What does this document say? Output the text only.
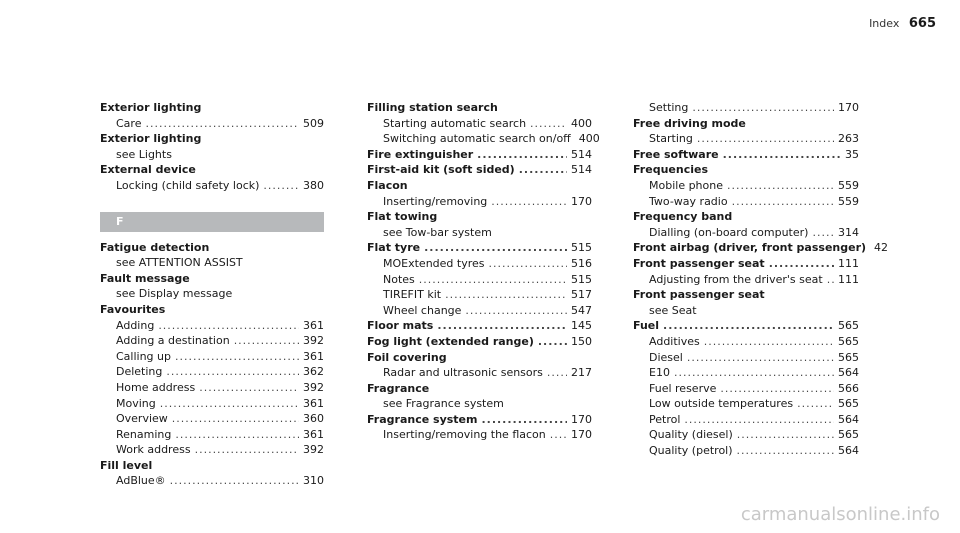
Index 665
Exterior lighting
Care .....	509
Exterior lighting
see Lights
External device
Locking (child safety lock) .....	380
F
Fatigue detection
see ATTENTION ASSIST
Fault message
see Display message
Favourites
Adding .....	361
Adding a destination .....	392
Calling up .....	361
Deleting .....	362
Home address .....	392
Moving .....	361
Overview .....	360
Renaming .....	361
Work address .....	392
Fill level
AdBlue® .....	310
Filling station search
Starting automatic search .....	400
Switching automatic search on/off 400
Fire extinguisher .....	514
First-aid kit (soft sided) .....	514
Flacon
Inserting/removing .....	170
Flat towing
see Tow-bar system
Flat tyre .....	515
MOExtended tyres .....	516
Notes .....	515
TIREFIT kit .....	517
Wheel change .....	547
Floor mats .....	145
Fog light (extended range) .....	150
Foil covering
Radar and ultrasonic sensors .....	217
Fragrance
see Fragrance system
Fragrance system .....	170
Inserting/removing the flacon ..... 170
Setting .....	170
Free driving mode
Starting .....	263
Free software .....	35
Frequencies
Mobile phone .....	559
Two-way radio .....	559
Frequency band
Dialling (on-board computer) .....	314
Front airbag (driver, front passenger) 42
Front passenger seat .....	111
Adjusting from the driver's seat ..... 111
Front passenger seat
see Seat
Fuel .....	565
Additives .....	565
Diesel .....	565
E10 .....	564
Fuel reserve .....	566
Low outside temperatures .....	565
Petrol .....	564
Quality (diesel) .....	565
Quality (petrol) .....	564
carmanualsonline.info
